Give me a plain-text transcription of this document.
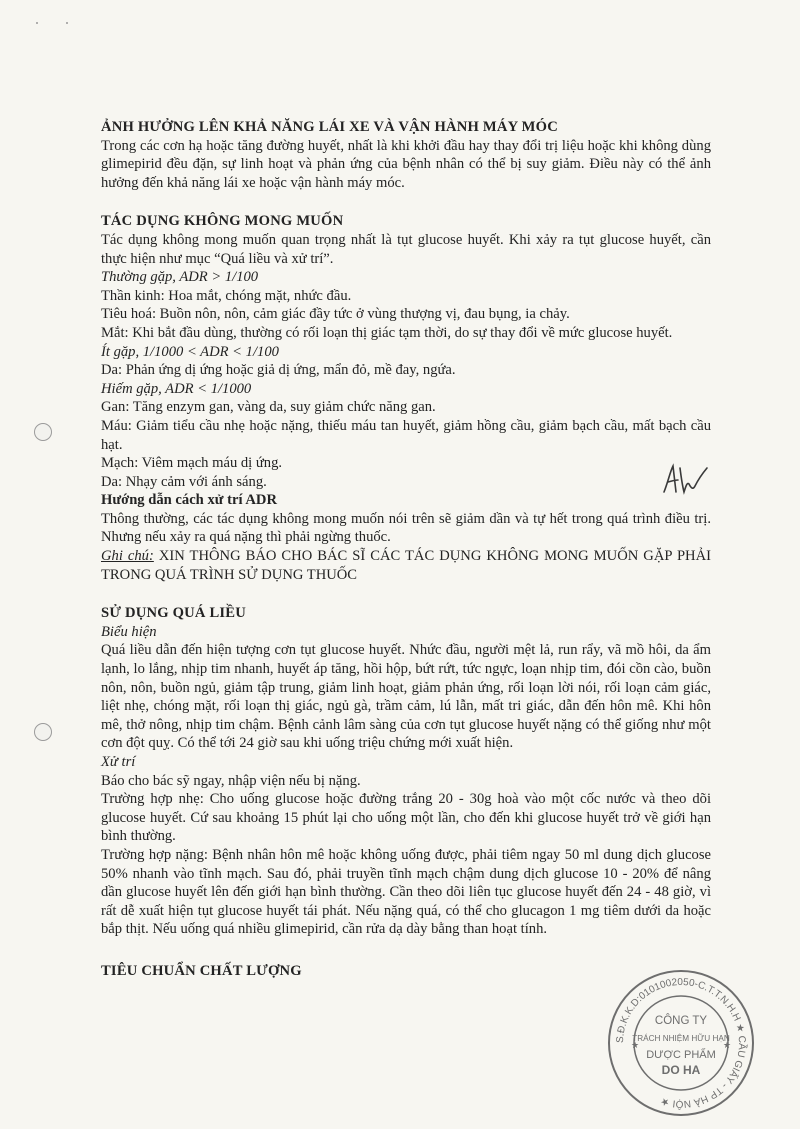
ẢNH HƯỞNG LÊN KHẢ NĂNG LÁI XE VÀ VẬN HÀNH MÁY MÓC

Trong các cơn hạ hoặc tăng đường huyết, nhất là khi khởi đầu hay thay đổi trị liệu hoặc khi không dùng glimepirid đều đặn, sự linh hoạt và phản ứng của bệnh nhân có thể bị suy giảm. Điều này có thể ảnh hưởng đến khả năng lái xe hoặc vận hành máy móc.

TÁC DỤNG KHÔNG MONG MUỐN

Tác dụng không mong muốn quan trọng nhất là tụt glucose huyết. Khi xảy ra tụt glucose huyết, cần thực hiện như mục “Quá liều và xử trí”.

Thường gặp, ADR > 1/100

Thần kinh: Hoa mắt, chóng mặt, nhức đầu.

Tiêu hoá: Buồn nôn, nôn, cảm giác đầy tức ở vùng thượng vị, đau bụng, ia chảy.

Mắt: Khi bắt đầu dùng, thường có rối loạn thị giác tạm thời, do sự thay đổi về mức glucose huyết.

Ít gặp, 1/1000 < ADR < 1/100

Da: Phản ứng dị ứng hoặc giả dị ứng, mẩn đỏ, mề đay, ngứa.

Hiếm gặp, ADR < 1/1000

Gan: Tăng enzym gan, vàng da, suy giảm chức năng gan.

Máu: Giảm tiểu cầu nhẹ hoặc nặng, thiếu máu tan huyết, giảm hồng cầu, giảm bạch cầu, mất bạch cầu hạt.

Mạch: Viêm mạch máu dị ứng.

Da: Nhạy cảm với ánh sáng.

Hướng dẫn cách xử trí ADR

Thông thường, các tác dụng không mong muốn nói trên sẽ giảm dần và tự hết trong quá trình điều trị. Nhưng nếu xảy ra quá nặng thì phải ngừng thuốc.

Ghi chú: XIN THÔNG BÁO CHO BÁC SĨ CÁC TÁC DỤNG KHÔNG MONG MUỐN GẶP PHẢI TRONG QUÁ TRÌNH SỬ DỤNG THUỐC

SỬ DỤNG QUÁ LIỀU

Biểu hiện

Quá liều dẫn đến hiện tượng cơn tụt glucose huyết. Nhức đầu, người mệt lả, run rẩy, vã mồ hôi, da ẩm lạnh, lo lắng, nhịp tim nhanh, huyết áp tăng, hồi hộp, bứt rứt, tức ngực, loạn nhịp tim, đói cồn cào, buồn nôn, nôn, buồn ngủ, giảm tập trung, giảm linh hoạt, giảm phản ứng, rối loạn lời nói, rối loạn cảm giác, liệt nhẹ, chóng mặt, rối loạn thị giác, ngủ gà, trầm cảm, lú lẫn, mất tri giác, dẫn đến hôn mê. Khi hôn mê, thở nông, nhịp tim chậm. Bệnh cảnh lâm sàng của cơn tụt glucose huyết nặng có thể giống như một cơn đột quỵ. Có thể tới 24 giờ sau khi uống triệu chứng mới xuất hiện.

Xử trí

Báo cho bác sỹ ngay, nhập viện nếu bị nặng.

Trường hợp nhẹ: Cho uống glucose hoặc đường trắng 20 - 30g hoà vào một cốc nước và theo dõi glucose huyết. Cứ sau khoảng 15 phút lại cho uống một lần, cho đến khi glucose huyết trở về giới hạn bình thường.

Trường hợp nặng: Bệnh nhân hôn mê hoặc không uống được, phải tiêm ngay 50 ml dung dịch glucose 50% nhanh vào tĩnh mạch. Sau đó, phải truyền tĩnh mạch chậm dung dịch glucose 10 - 20% để nâng dần glucose huyết lên đến giới hạn bình thường. Cần theo dõi liên tục glucose huyết đến 24 - 48 giờ, vì rất dễ xuất hiện tụt glucose huyết tái phát. Nếu nặng quá, có thể cho glucagon 1 mg tiêm dưới da hoặc bắp thịt. Nếu uống quá nhiều glimepirid, cần rửa dạ dày bằng than hoạt tính.

TIÊU CHUẨN CHẤT LƯỢNG

S.Đ.K.K.D:0101002050-C.T.T.N.H.H ★ CẦU GIẤY - TP HÀ NỘI ★
CÔNG TY
TRÁCH NHIỆM HỮU HẠN
DƯỢC PHẨM
DO HA
★	★
